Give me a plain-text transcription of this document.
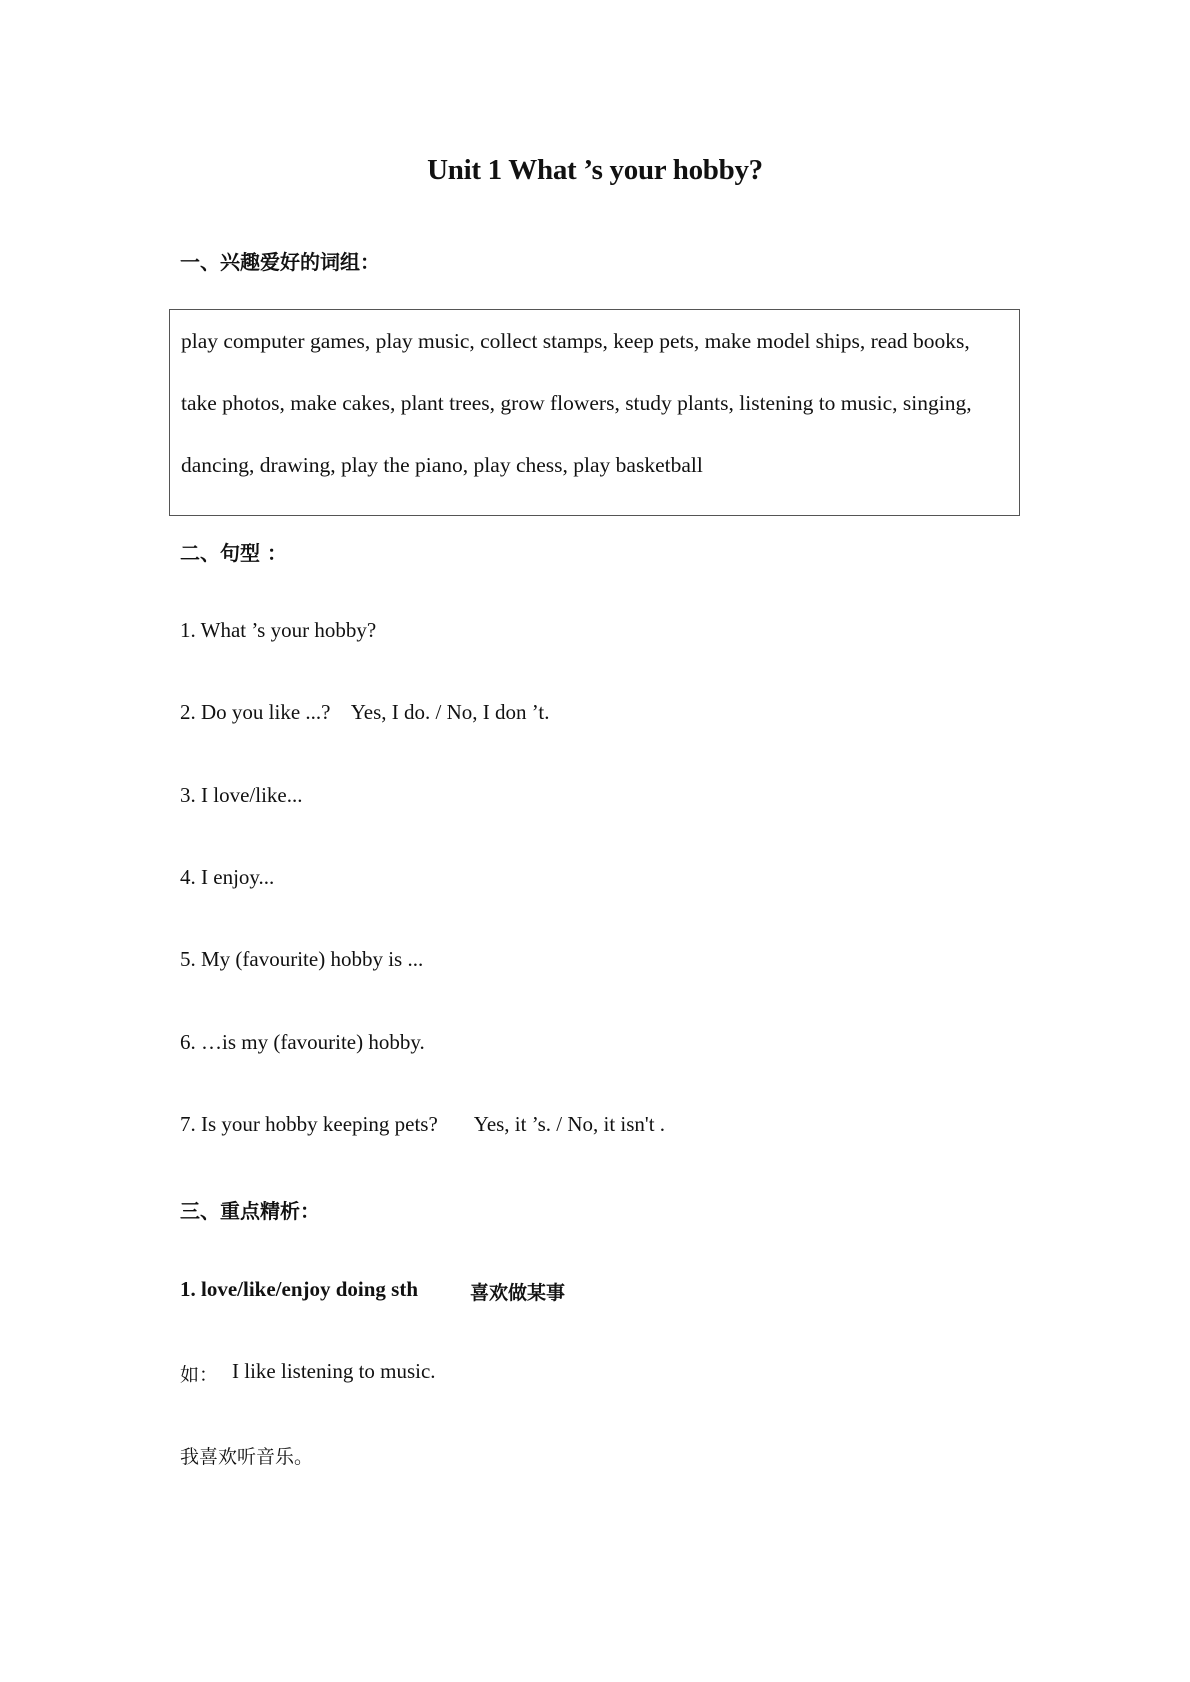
Unit 1 What ’s your hobby?
一、兴趣爱好的词组：
play computer games, play music, collect stamps, keep pets, make model ships, read books,
take photos, make cakes, plant trees, grow flowers, study plants, listening to music, singing,
dancing, drawing, play the piano, play chess, play basketball
二、句型 ：
1. What ’s your hobby?
2. Do you like ...?    Yes, I do. / No, I don ’t.
3. I love/like...
4. I enjoy...
5. My (favourite) hobby is ...
6. …is my (favourite) hobby.
7. Is your hobby keeping pets?       Yes, it ’s. / No, it isn't .
三、重点精析：
1. love/like/enjoy doing sth	喜欢做某事
如： I like listening to music.
我喜欢听音乐。
